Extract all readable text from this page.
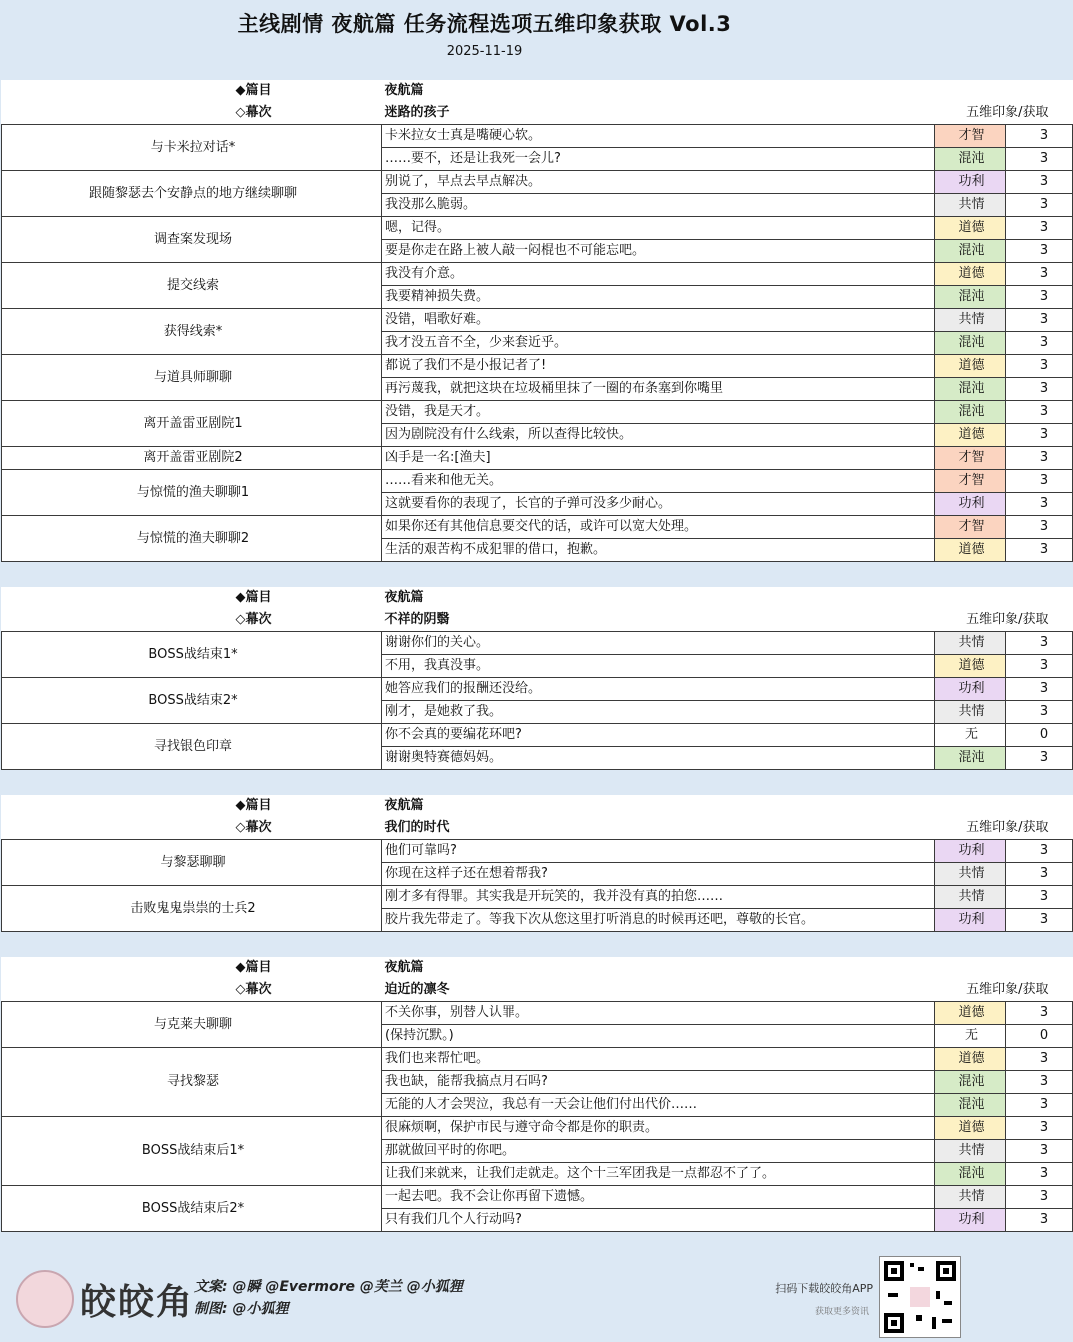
主线剧情 夜航篇 任务流程选项五维印象获取 Vol.3
2025-11-19
◆篇目	夜航篇		
◇幕次	迷路的孩子	五维印象/获取	
与卡米拉对话*	卡米拉女士真是嘴硬心软。	才智	3
	……要不，还是让我死一会儿?	混沌	3
跟随黎瑟去个安静点的地方继续聊聊	别说了，早点去早点解决。	功利	3
	我没那么脆弱。	共情	3
调查案发现场	嗯，记得。	道德	3
	要是你走在路上被人敲一闷棍也不可能忘吧。	混沌	3
提交线索	我没有介意。	道德	3
	我要精神损失费。	混沌	3
获得线索*	没错，唱歌好难。	共情	3
	我才没五音不全，少来套近乎。	混沌	3
与道具师聊聊	都说了我们不是小报记者了!	道德	3
	再污蔑我，就把这块在垃圾桶里抹了一圈的布条塞到你嘴里	混沌	3
离开盖雷亚剧院1	没错，我是天才。	混沌	3
	因为剧院没有什么线索，所以查得比较快。	道德	3
离开盖雷亚剧院2	凶手是一名:[渔夫]	才智	3
与惊慌的渔夫聊聊1	……看来和他无关。	才智	3
	这就要看你的表现了，长官的子弹可没多少耐心。	功利	3
与惊慌的渔夫聊聊2	如果你还有其他信息要交代的话，或许可以宽大处理。	才智	3
	生活的艰苦构不成犯罪的借口，抱歉。	道德	3
◆篇目	夜航篇		
◇幕次	不祥的阴翳	五维印象/获取	
BOSS战结束1*	谢谢你们的关心。	共情	3
	不用，我真没事。	道德	3
BOSS战结束2*	她答应我们的报酬还没给。	功利	3
	刚才，是她救了我。	共情	3
寻找银色印章	你不会真的要编花环吧?	无	0
	谢谢奥特赛德妈妈。	混沌	3
◆篇目	夜航篇		
◇幕次	我们的时代	五维印象/获取	
与黎瑟聊聊	他们可靠吗?	功利	3
	你现在这样子还在想着帮我?	共情	3
击败鬼鬼祟祟的士兵2	刚才多有得罪。其实我是开玩笑的，我并没有真的拍您……	共情	3
	胶片我先带走了。等我下次从您这里打听消息的时候再还吧，尊敬的长官。	功利	3
◆篇目	夜航篇		
◇幕次	迫近的凛冬	五维印象/获取	
与克莱夫聊聊	不关你事，别替人认罪。	道德	3
	(保持沉默。)	无	0
寻找黎瑟	我们也来帮忙吧。	道德	3
	我也缺，能帮我搞点月石吗?	混沌	3
	无能的人才会哭泣，我总有一天会让他们付出代价……	混沌	3
BOSS战结束后1*	很麻烦啊，保护市民与遵守命令都是你的职责。	道德	3
	那就做回平时的你吧。	共情	3
	让我们来就来，让我们走就走。这个十三军团我是一点都忍不了了。	混沌	3
BOSS战结束后2*	一起去吧。我不会让你再留下遗憾。	共情	3
	只有我们几个人行动吗?	功利	3
皎皎角 文案: @瞬 @Evermore @芙兰 @小狐狸
制图: @小狐狸
扫码下载皎皎角APP
获取更多资讯
